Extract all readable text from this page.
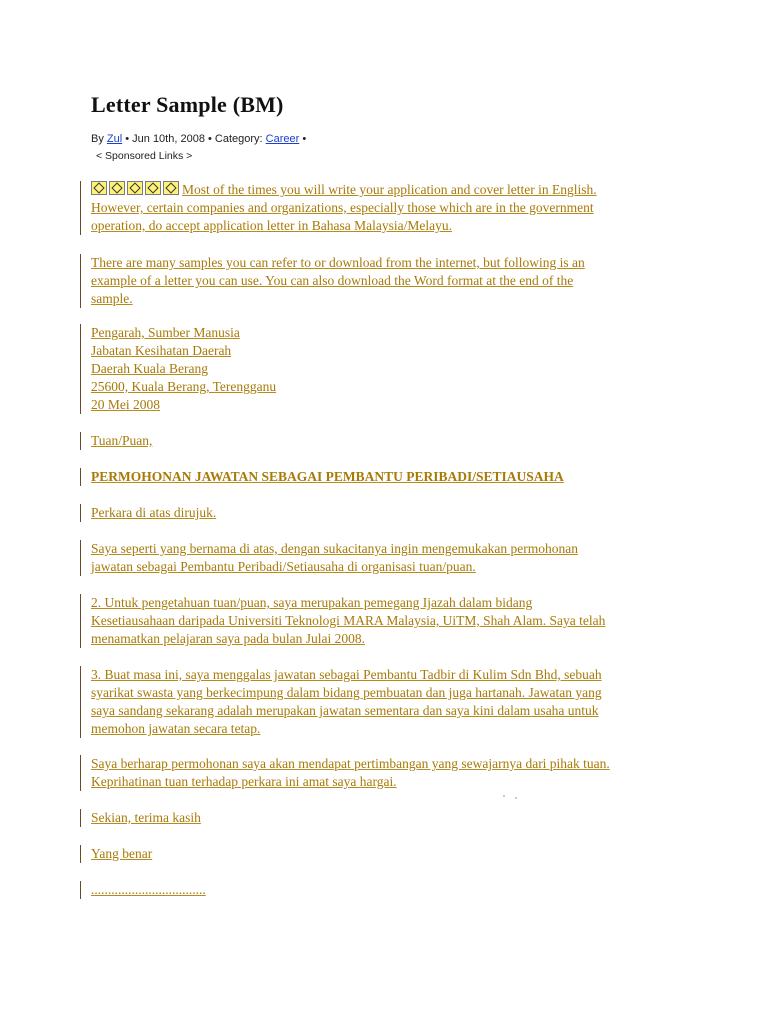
Letter Sample (BM)
By Zul • Jun 10th, 2008 • Category: Career •
< Sponsored Links >
Most of the times you will write your application and cover letter in English.
However, certain companies and organizations, especially those which are in the government
operation, do accept application letter in Bahasa Malaysia/Melayu.
There are many samples you can refer to or download from the internet, but following is an
example of a letter you can use. You can also download the Word format at the end of the
sample.
Pengarah, Sumber Manusia
Jabatan Kesihatan Daerah
Daerah Kuala Berang
25600, Kuala Berang, Terengganu
20 Mei 2008
Tuan/Puan,
PERMOHONAN JAWATAN SEBAGAI PEMBANTU PERIBADI/SETIAUSAHA
Perkara di atas dirujuk.
Saya seperti yang bernama di atas, dengan sukacitanya ingin mengemukakan permohonan
jawatan sebagai Pembantu Peribadi/Setiausaha di organisasi tuan/puan.
2. Untuk pengetahuan tuan/puan, saya merupakan pemegang Ijazah dalam bidang
Kesetiausahaan daripada Universiti Teknologi MARA Malaysia, UiTM, Shah Alam. Saya telah
menamatkan pelajaran saya pada bulan Julai 2008.
3. Buat masa ini, saya menggalas jawatan sebagai Pembantu Tadbir di Kulim Sdn Bhd, sebuah
syarikat swasta yang berkecimpung dalam bidang pembuatan dan juga hartanah. Jawatan yang
saya sandang sekarang adalah merupakan jawatan sementara dan saya kini dalam usaha untuk
memohon jawatan secara tetap.
Saya berharap permohonan saya akan mendapat pertimbangan yang sewajarnya dari pihak tuan.
Keprihatinan tuan terhadap perkara ini amat saya hargai.
Sekian, terima kasih
Yang benar
..................................
